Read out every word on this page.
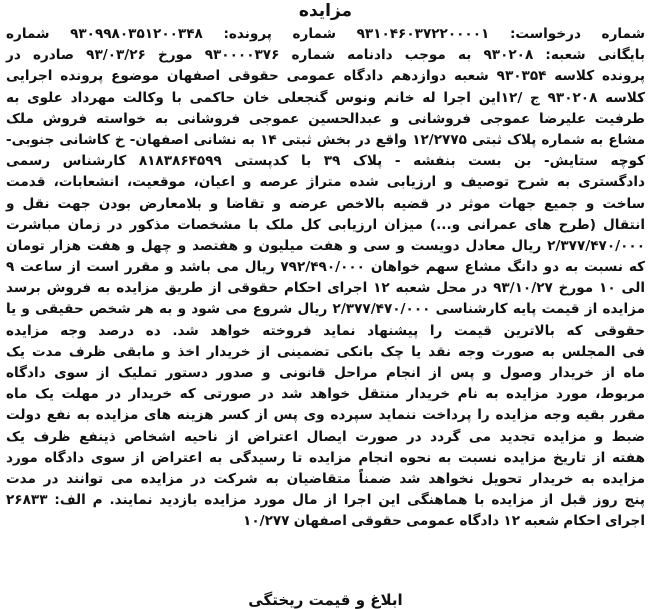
مزایده
شماره درخواست: ۹۳۱۰۴۶۰۳۷۲۲۰۰۰۰۱ شماره پرونده: ۹۳۰۹۹۸۰۳۵۱۲۰۰۳۴۸ شماره
بایگانی شعبه: ۹۳۰۲۰۸ به موجب دادنامه شماره ۹۳۰۰۰۰۳۷۶ مورخ ۹۳/۰۳/۲۶ صادره در
پرونده کلاسه ۹۳۰۳۵۴ شعبه دوازدهم دادگاه عمومی حقوقی اصفهان موضوع پرونده اجرایی
کلاسه ۹۳۰۲۰۸ ج /۱۲این اجرا له خانم ونوس گنجعلی خان حاکمی با وکالت مهرداد علوی به
طرفیت علیرضا عموجی فروشانی و عبدالحسین عموجی فروشانی به خواسته فروش ملک
مشاع به شماره پلاک ثبتی ۱۲/۲۷۷۵ واقع در بخش ثبتی ۱۴ به نشانی اصفهان- خ کاشانی جنوبی-
کوچه ستایش- بن بست بنفشه - پلاک ۳۹ با کدپستی ۸۱۸۳۸۶۴۵۹۹ کارشناس رسمی
دادگستری به شرح توصیف و ارزیابی شده متراژ عرصه و اعیان، موقعیت، انشعابات، قدمت
ساخت و جمیع جهات موثر در قضیه بالاخص عرضه و تقاضا و بلامعارض بودن جهت نقل و
انتقال (طرح های عمرانی و...) میزان ارزیابی کل ملک با مشخصات مذکور در زمان مباشرت
۲/۳۷۷/۴۷۰/۰۰۰ ریال معادل دویست و سی و هفت میلیون و هفتصد و چهل و هفت هزار تومان
که نسبت به دو دانگ مشاع سهم خواهان ۷۹۲/۴۹۰/۰۰۰ ریال می باشد و مقرر است از ساعت ۹
الی ۱۰ مورخ ۹۳/۱۰/۲۷ در محل شعبه ۱۲ اجرای احکام حقوقی از طریق مزایده به فروش برسد
مزایده از قیمت پایه کارشناسی ۲/۳۷۷/۴۷۰/۰۰۰ ریال شروع می شود و به هر شخص حقیقی و یا
حقوقی که بالاترین قیمت را پیشنهاد نماید فروخته خواهد شد. ده درصد وجه مزایده
فی المجلس به صورت وجه نقد یا چک بانکی تضمینی از خریدار اخذ و مابقی ظرف مدت یک
ماه از خریدار وصول و پس از انجام مراحل قانونی و صدور دستور تملیک از سوی دادگاه
مربوط، مورد مزایده به نام خریدار منتقل خواهد شد در صورتی که خریدار در مهلت یک ماه
مقرر بقیه وجه مزایده را پرداخت ننماید سپرده وی پس از کسر هزینه های مزایده به نفع دولت
ضبط و مزایده تجدید می گردد در صورت ایصال اعتراض از ناحیه اشخاص ذینفع ظرف یک
هفته از تاریخ مزایده نسبت به نحوه انجام مزایده تا رسیدگی به اعتراض از سوی دادگاه مورد
مزایده به خریدار تحویل نخواهد شد ضمناً متقاضیان به شرکت در مزایده می توانند در مدت
پنج روز قبل از مزایده با هماهنگی این اجرا از مال مورد مزایده بازدید نمایند. م الف: ۲۶۸۳۳
اجرای احکام شعبه ۱۲ دادگاه عمومی حقوقی اصفهان ۱۰/۲۷۷
ابلاغ و قیمت ریختگی
